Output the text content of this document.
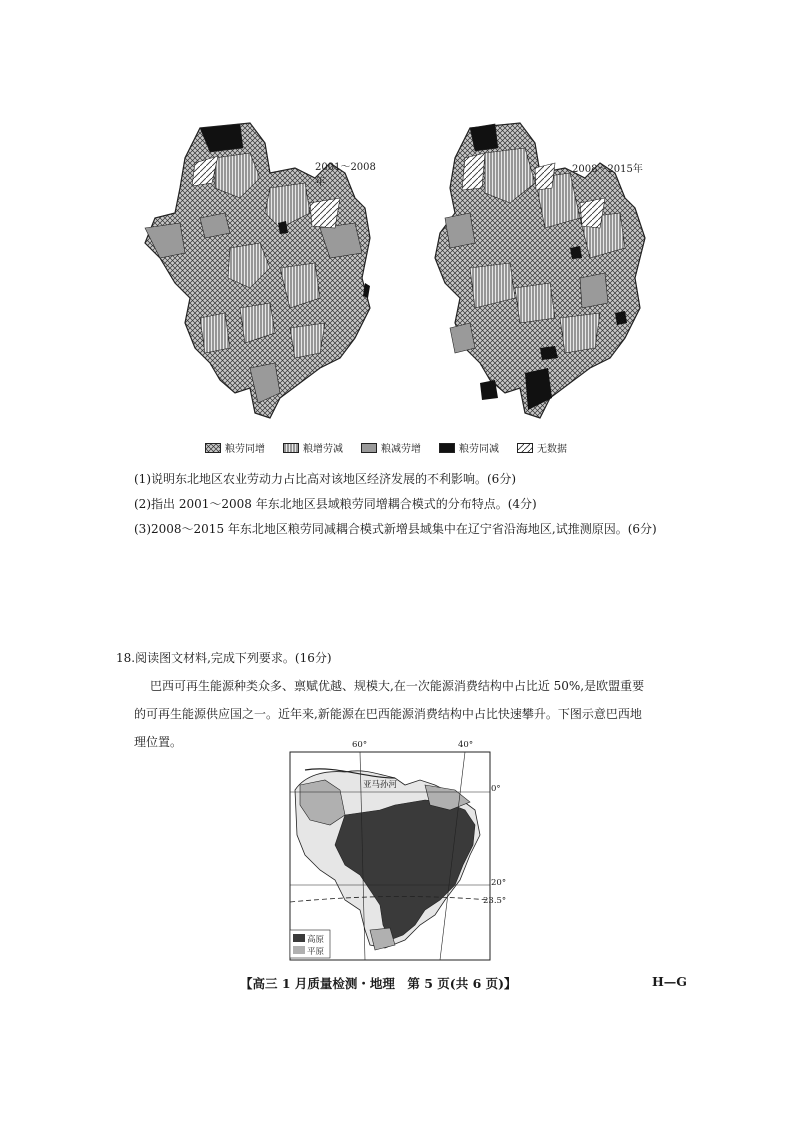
2001～2008年
2008～2015年
粮劳同增	粮增劳减	粮减劳增	粮劳同减	无数据
(1)说明东北地区农业劳动力占比高对该地区经济发展的不利影响。(6分)
(2)指出 2001～2008 年东北地区县域粮劳同增耦合模式的分布特点。(4分)
(3)2008～2015 年东北地区粮劳同减耦合模式新增县域集中在辽宁省沿海地区,试推测原因。(6分)
18.阅读图文材料,完成下列要求。(16分)
巴西可再生能源种类众多、禀赋优越、规模大,在一次能源消费结构中占比近 50%,是欧盟重要
的可再生能源供应国之一。近年来,新能源在巴西能源消费结构中占比快速攀升。下图示意巴西地
理位置。	60°	40°
0°
20°
23.5°
亚马孙河
高原
平原
【高三 1 月质量检测・地理　第 5 页(共 6 页)】	H—G
